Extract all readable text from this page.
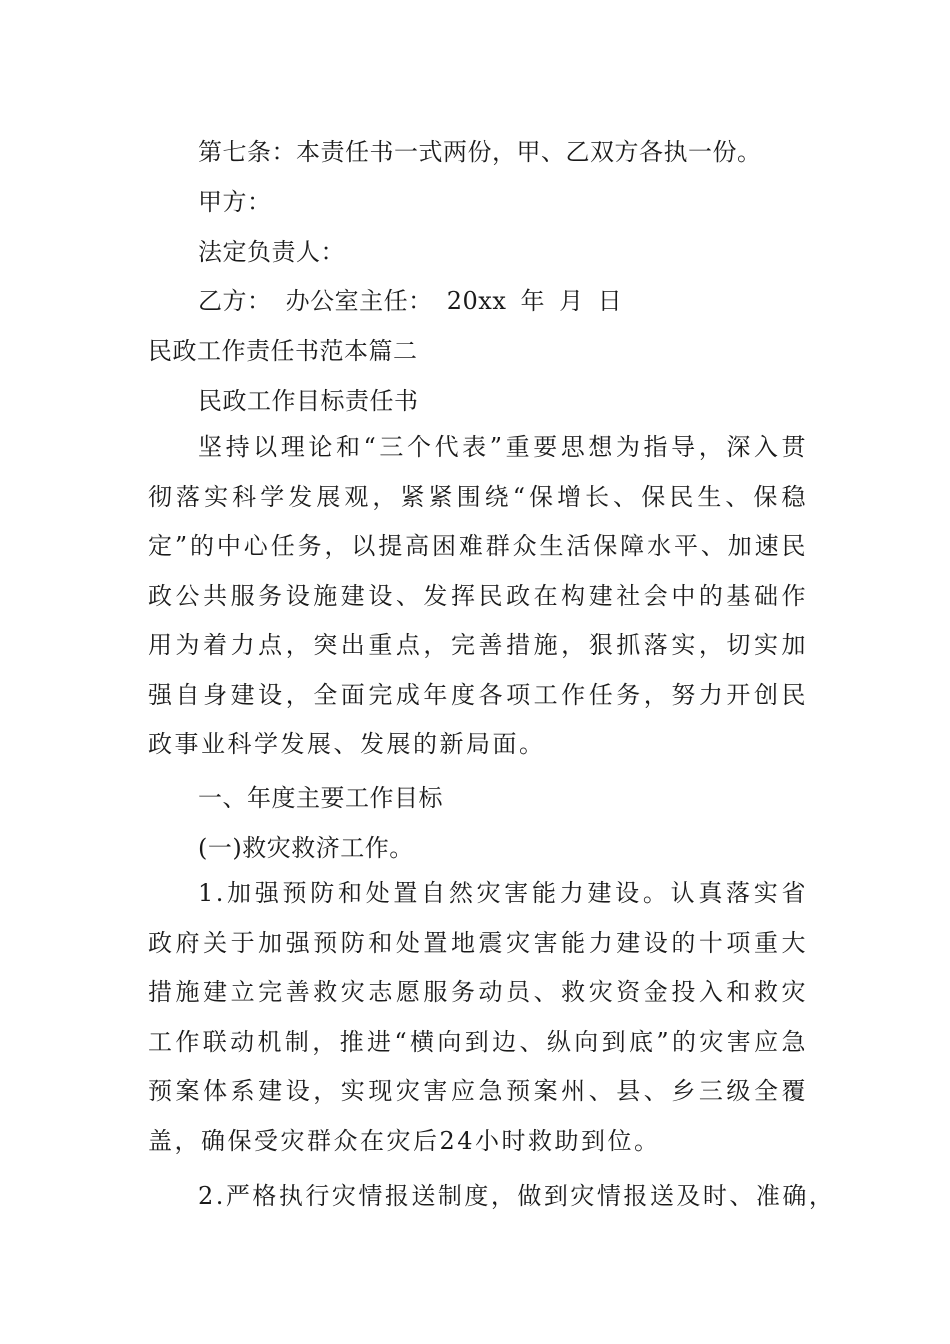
第七条：本责任书一式两份，甲、乙双方各执一份。
甲方：
法定负责人：
乙方： 办公室主任： 20xx 年 月 日
民政工作责任书范本篇二
民政工作目标责任书
坚持以理论和“三个代表”重要思想为指导，深入贯彻落实科学发展观，紧紧围绕“保增长、保民生、保稳定”的中心任务，以提高困难群众生活保障水平、加速民政公共服务设施建设、发挥民政在构建社会中的基础作用为着力点，突出重点，完善措施，狠抓落实，切实加强自身建设，全面完成年度各项工作任务，努力开创民政事业科学发展、发展的新局面。
一、年度主要工作目标
(一)救灾救济工作。
1.加强预防和处置自然灾害能力建设。认真落实省政府关于加强预防和处置地震灾害能力建设的十项重大措施建立完善救灾志愿服务动员、救灾资金投入和救灾工作联动机制，推进“横向到边、纵向到底”的灾害应急预案体系建设，实现灾害应急预案州、县、乡三级全覆盖，确保受灾群众在灾后24小时救助到位。
2.严格执行灾情报送制度，做到灾情报送及时、准确，
